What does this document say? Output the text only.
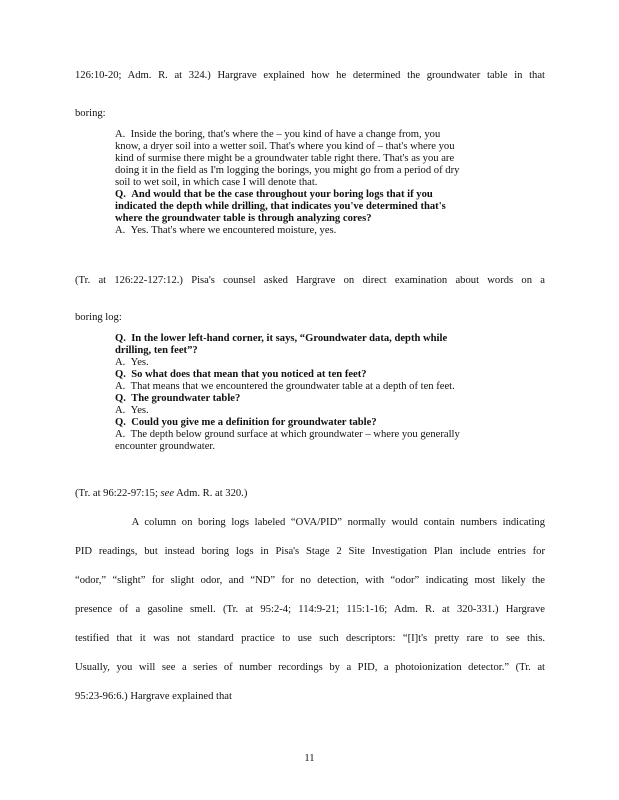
126:10-20; Adm. R. at 324.) Hargrave explained how he determined the groundwater table in that
boring:
A. Inside the boring, that's where the – you kind of have a change from, you
know, a dryer soil into a wetter soil. That's where you kind of – that's where you
kind of surmise there might be a groundwater table right there. That's as you are
doing it in the field as I'm logging the borings, you might go from a period of dry
soil to wet soil, in which case I will denote that.
Q. And would that be the case throughout your boring logs that if you
indicated the depth while drilling, that indicates you've determined that's
where the groundwater table is through analyzing cores?
A. Yes. That's where we encountered moisture, yes.
(Tr. at 126:22-127:12.) Pisa's counsel asked Hargrave on direct examination about words on a
boring log:
Q. In the lower left-hand corner, it says, “Groundwater data, depth while
drilling, ten feet”?
A. Yes.
Q. So what does that mean that you noticed at ten feet?
A. That means that we encountered the groundwater table at a depth of ten feet.
Q. The groundwater table?
A. Yes.
Q. Could you give me a definition for groundwater table?
A. The depth below ground surface at which groundwater – where you generally
encounter groundwater.
(Tr. at 96:22-97:15; see Adm. R. at 320.)
A column on boring logs labeled “OVA/PID” normally would contain numbers indicating
PID readings, but instead boring logs in Pisa's Stage 2 Site Investigation Plan include entries for
“odor,” “slight” for slight odor, and “ND” for no detection, with “odor” indicating most likely the
presence of a gasoline smell. (Tr. at 95:2-4; 114:9-21; 115:1-16; Adm. R. at 320-331.) Hargrave
testified that it was not standard practice to use such descriptors: “[I]t's pretty rare to see this.
Usually, you will see a series of number recordings by a PID, a photoionization detector.” (Tr. at
95:23-96:6.) Hargrave explained that
11
